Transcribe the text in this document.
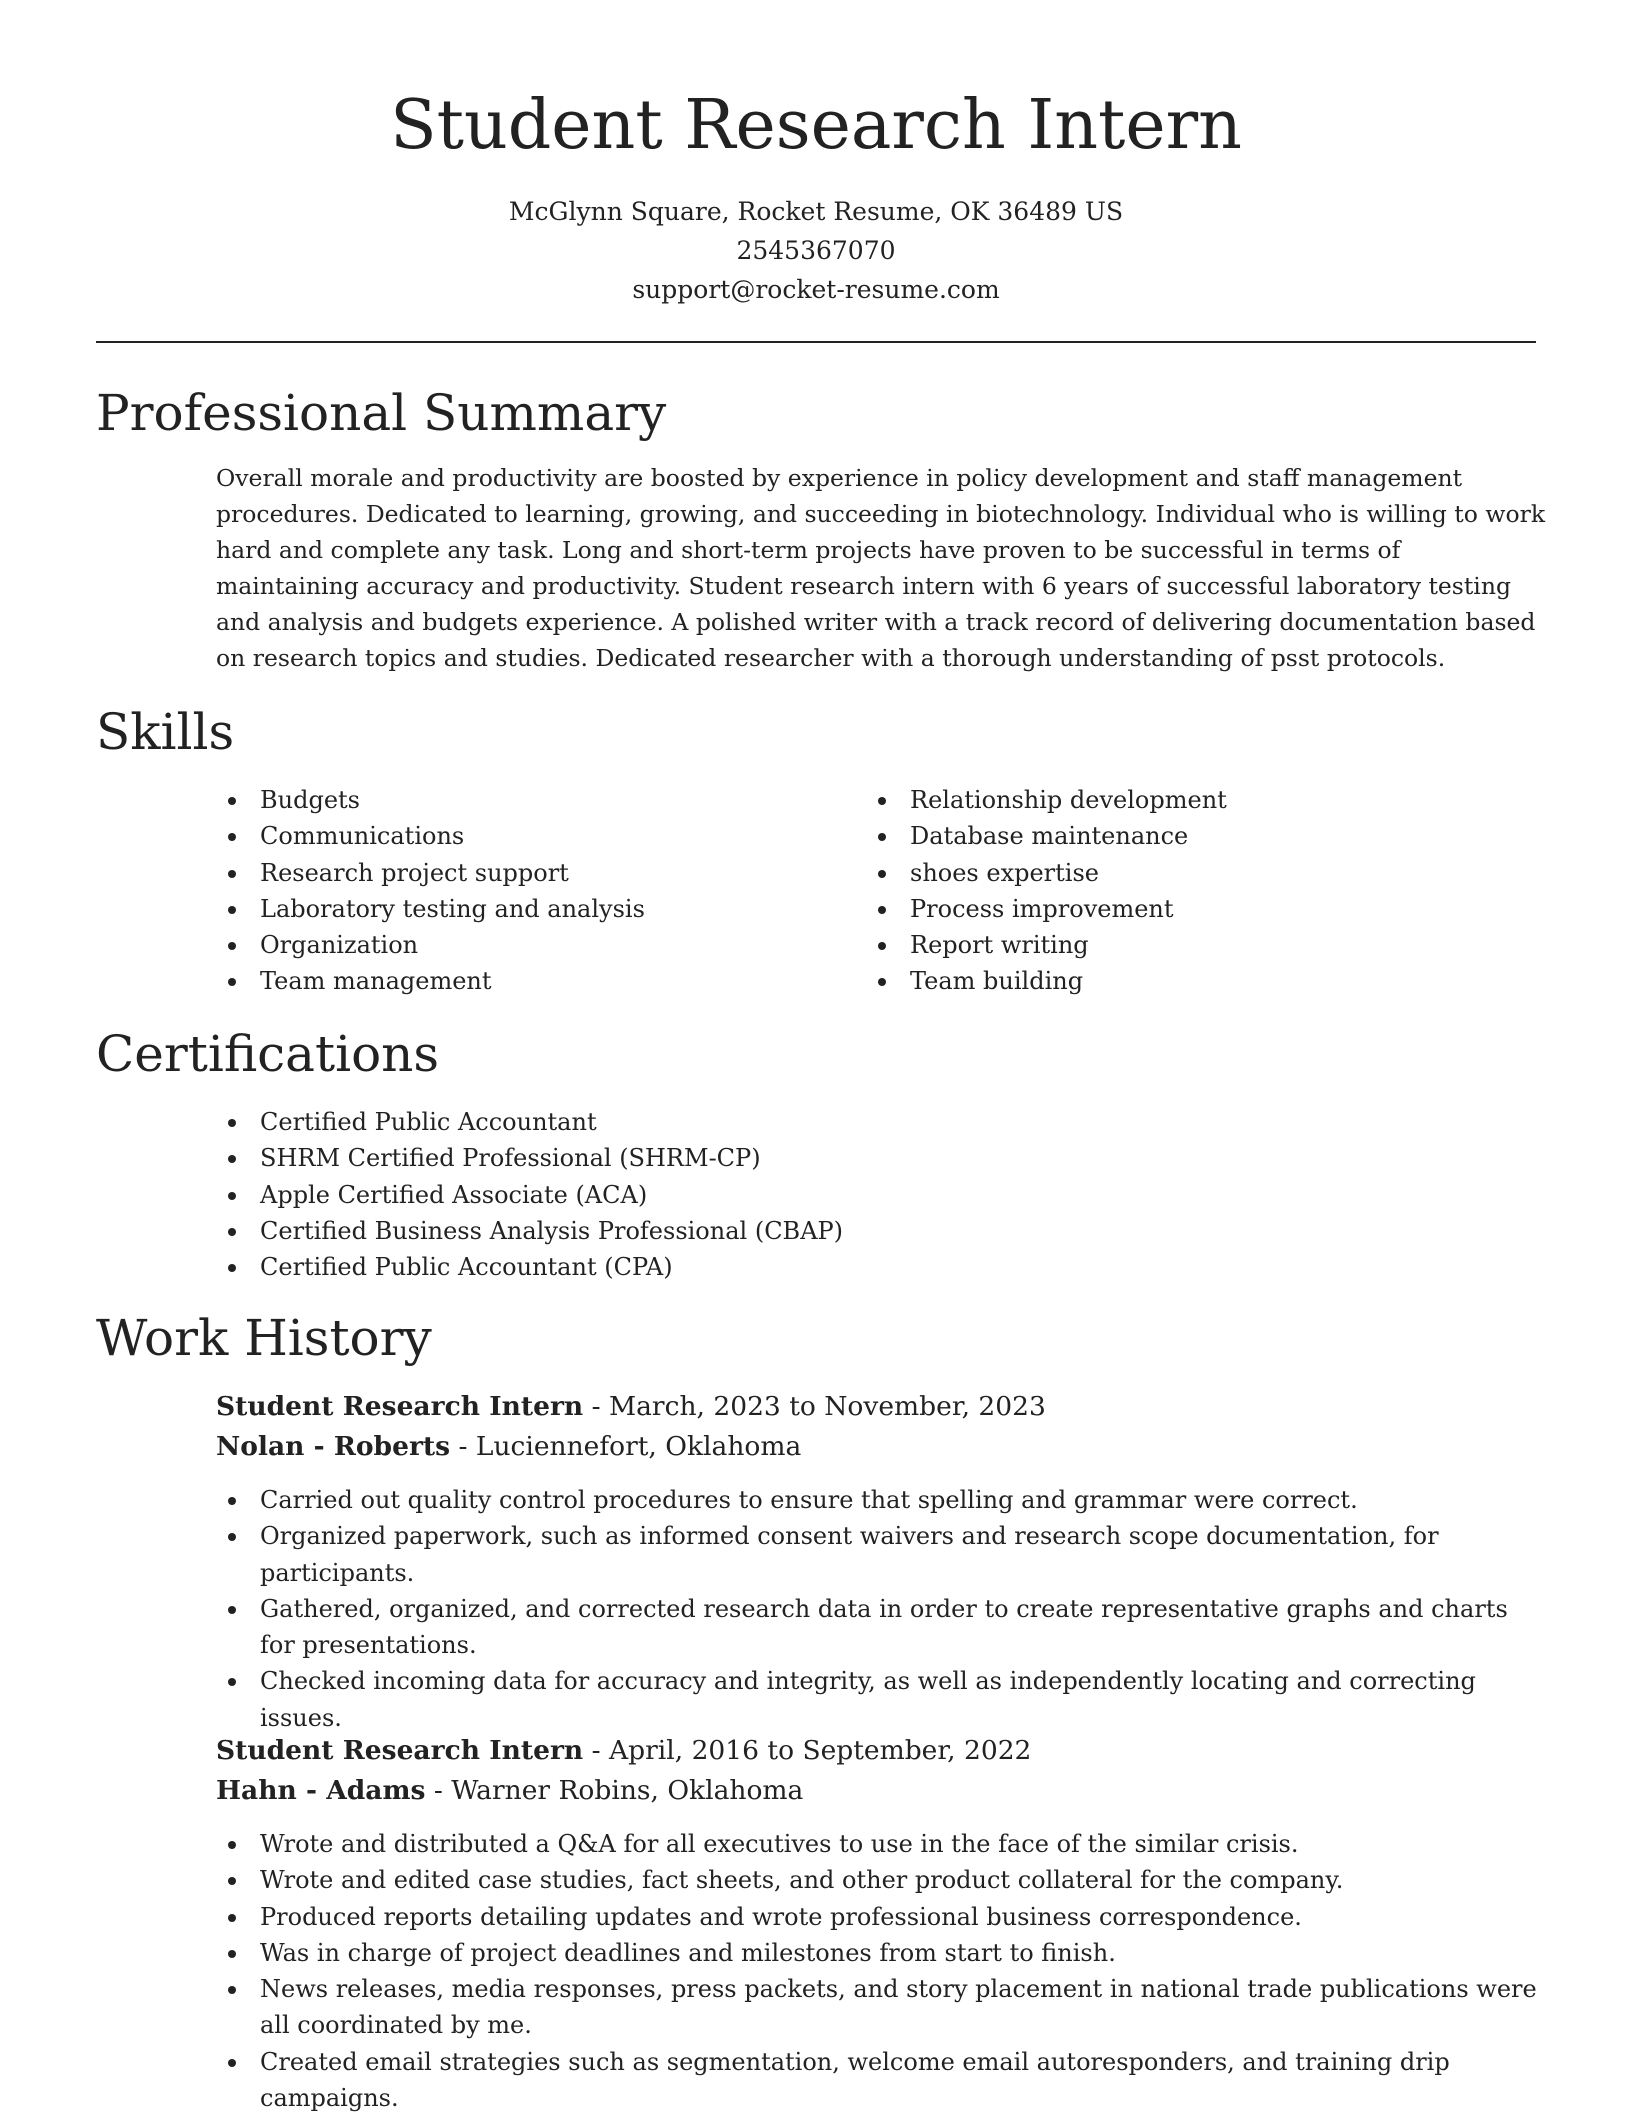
Student Research Intern
McGlynn Square, Rocket Resume, OK 36489 US
2545367070
support@rocket-resume.com
Professional Summary

Overall morale and productivity are boosted by experience in policy development and staff management procedures. Dedicated to learning, growing, and succeeding in biotechnology. Individual who is willing to work hard and complete any task. Long and short-term projects have proven to be successful in terms of maintaining accuracy and productivity. Student research intern with 6 years of successful laboratory testing and analysis and budgets experience. A polished writer with a track record of delivering documentation based on research topics and studies. Dedicated researcher with a thorough understanding of psst protocols.

Skills
Budgets
Communications
Research project support
Laboratory testing and analysis
Organization
Team management
Relationship development
Database maintenance
shoes expertise
Process improvement
Report writing
Team building
Certifications
Certified Public Accountant
SHRM Certified Professional (SHRM-CP)
Apple Certified Associate (ACA)
Certified Business Analysis Professional (CBAP)
Certified Public Accountant (CPA)
Work History
Student Research Intern - March, 2023 to November, 2023
Nolan - Roberts - Luciennefort, Oklahoma
Carried out quality control procedures to ensure that spelling and grammar were correct.
Organized paperwork, such as informed consent waivers and research scope documentation, for participants.
Gathered, organized, and corrected research data in order to create representative graphs and charts for presentations.
Checked incoming data for accuracy and integrity, as well as independently locating and correcting issues.
Student Research Intern - April, 2016 to September, 2022
Hahn - Adams - Warner Robins, Oklahoma
Wrote and distributed a Q&A for all executives to use in the face of the similar crisis.
Wrote and edited case studies, fact sheets, and other product collateral for the company.
Produced reports detailing updates and wrote professional business correspondence.
Was in charge of project deadlines and milestones from start to finish.
News releases, media responses, press packets, and story placement in national trade publications were all coordinated by me.
Created email strategies such as segmentation, welcome email autoresponders, and training drip campaigns.
